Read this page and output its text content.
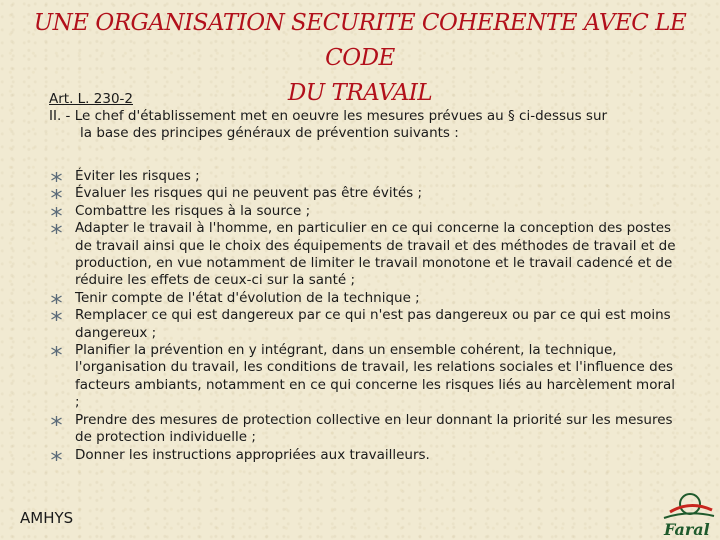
UNE ORGANISATION SECURITE COHERENTE AVEC LE CODE
DU TRAVAIL
Art. L. 230-2
II. - Le chef d'établissement met en oeuvre les mesures prévues au § ci-dessus sur
la base des principes généraux de prévention suivants :
Éviter les risques ;
Évaluer les risques qui ne peuvent pas être évités ;
Combattre les risques à la source ;
Adapter le travail à l'homme, en particulier en ce qui concerne la conception des postes de travail ainsi que le choix des équipements de travail et des méthodes de travail et de production, en vue notamment de limiter le travail monotone et le travail cadencé et de réduire les effets de ceux-ci sur la santé ;
Tenir compte de l'état d'évolution de la technique ;
Remplacer ce qui est dangereux par ce qui n'est pas dangereux ou par ce qui est moins dangereux ;
Planifier la prévention en y intégrant, dans un ensemble cohérent, la technique, l'organisation du travail, les conditions de travail, les relations sociales et l'influence des facteurs ambiants, notamment en ce qui concerne les risques liés au harcèlement moral ;
Prendre des mesures de protection collective en leur donnant la priorité sur les mesures de protection individuelle ;
Donner les instructions appropriées aux travailleurs.
AMHYS
Faral
